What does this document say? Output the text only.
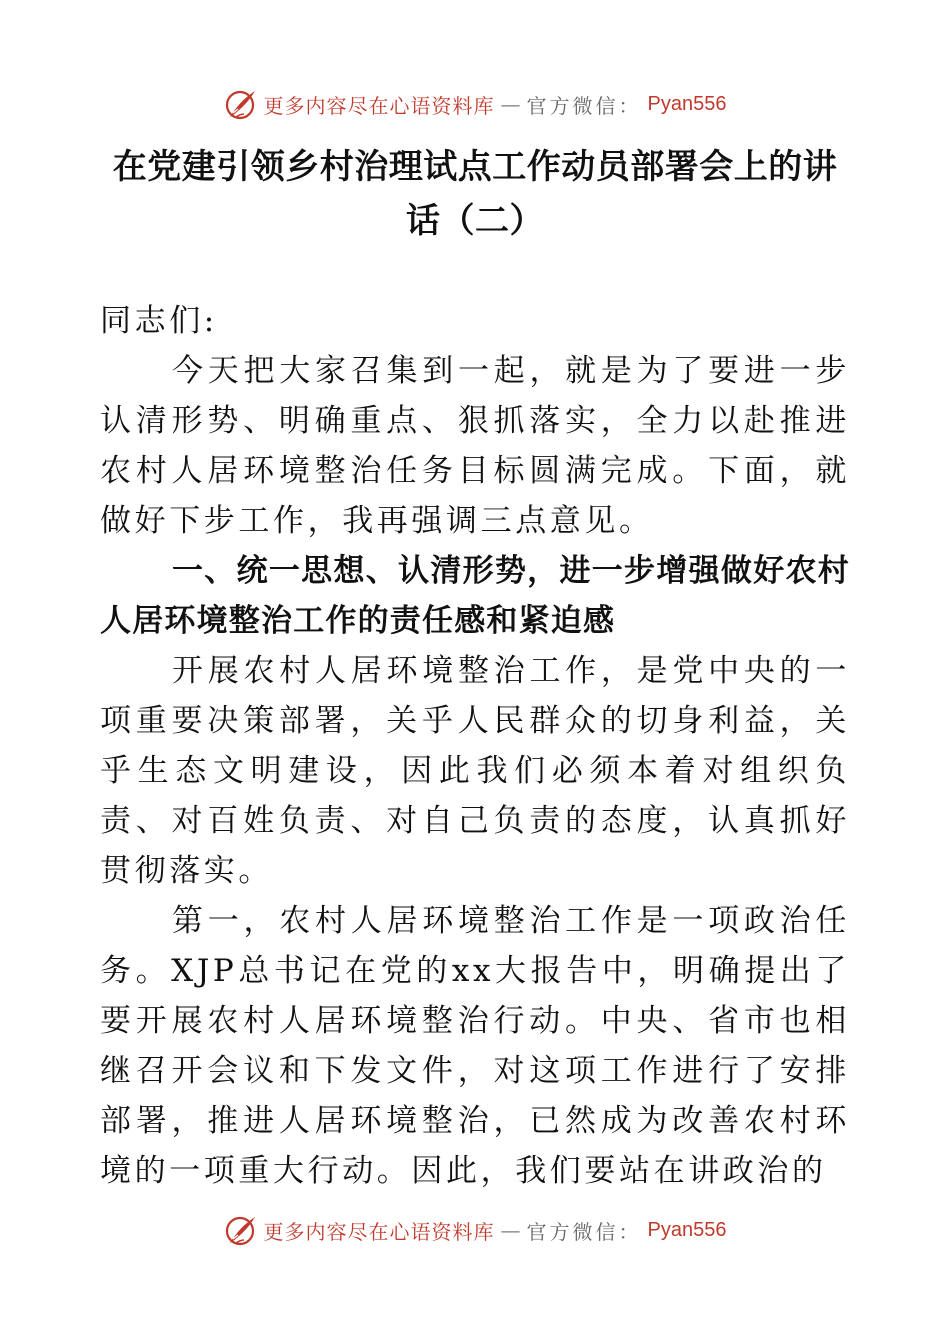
更多内容尽在心语资料库 — 官方微信： Pyan556
在党建引领乡村治理试点工作动员部署会上的讲
话（二）

同志们:

今天把大家召集到一起，就是为了要进一步认清形势、明确重点、狠抓落实，全力以赴推进农村人居环境整治任务目标圆满完成。下面，就做好下步工作，我再强调三点意见。

一、统一思想、认清形势，进一步增强做好农村人居环境整治工作的责任感和紧迫感

开展农村人居环境整治工作，是党中央的一项重要决策部署，关乎人民群众的切身利益，关乎生态文明建设，因此我们必须本着对组织负责、对百姓负责、对自己负责的态度，认真抓好贯彻落实。

第一，农村人居环境整治工作是一项政治任务。XJP总书记在党的xx大报告中，明确提出了要开展农村人居环境整治行动。中央、省市也相继召开会议和下发文件，对这项工作进行了安排部署，推进人居环境整治，已然成为改善农村环境的一项重大行动。因此，我们要站在讲政治的

更多内容尽在心语资料库 — 官方微信： Pyan556
